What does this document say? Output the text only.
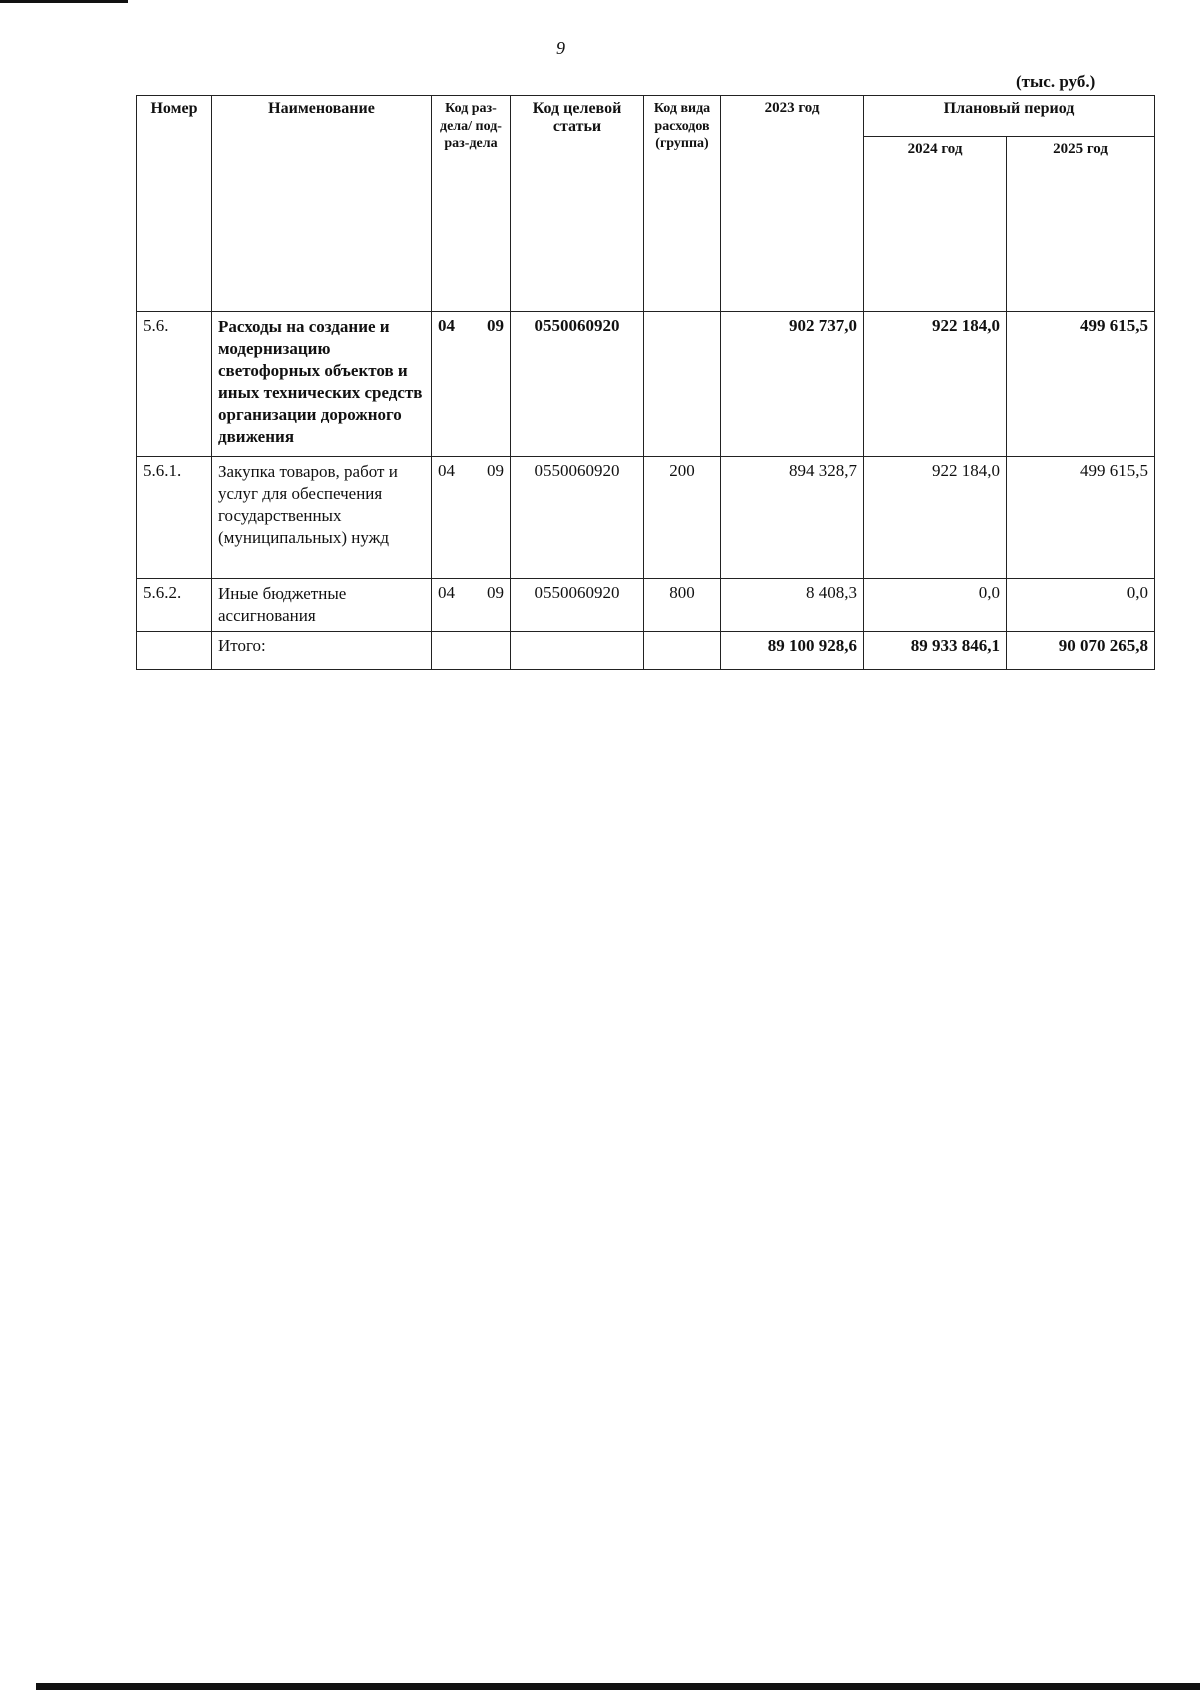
9
(тыс. руб.)
Номер	Наименование	Код раз-дела/ под-раз-дела	Код целевой статьи	Код вида расходов (группа)	2023 год	Плановый период	
						2024 год	2025 год
5.6.	Расходы на создание и модернизацию светофорных объектов и иных технических средств организации дорожного движения	04 09	0550060920		902 737,0	922 184,0	499 615,5
5.6.1.	Закупка товаров, работ и услуг для обеспечения государственных (муниципальных) нужд	04 09	0550060920	200	894 328,7	922 184,0	499 615,5
5.6.2.	Иные бюджетные ассигнования	04 09	0550060920	800	8 408,3	0,0	0,0
	Итого:				89 100 928,6	89 933 846,1	90 070 265,8
